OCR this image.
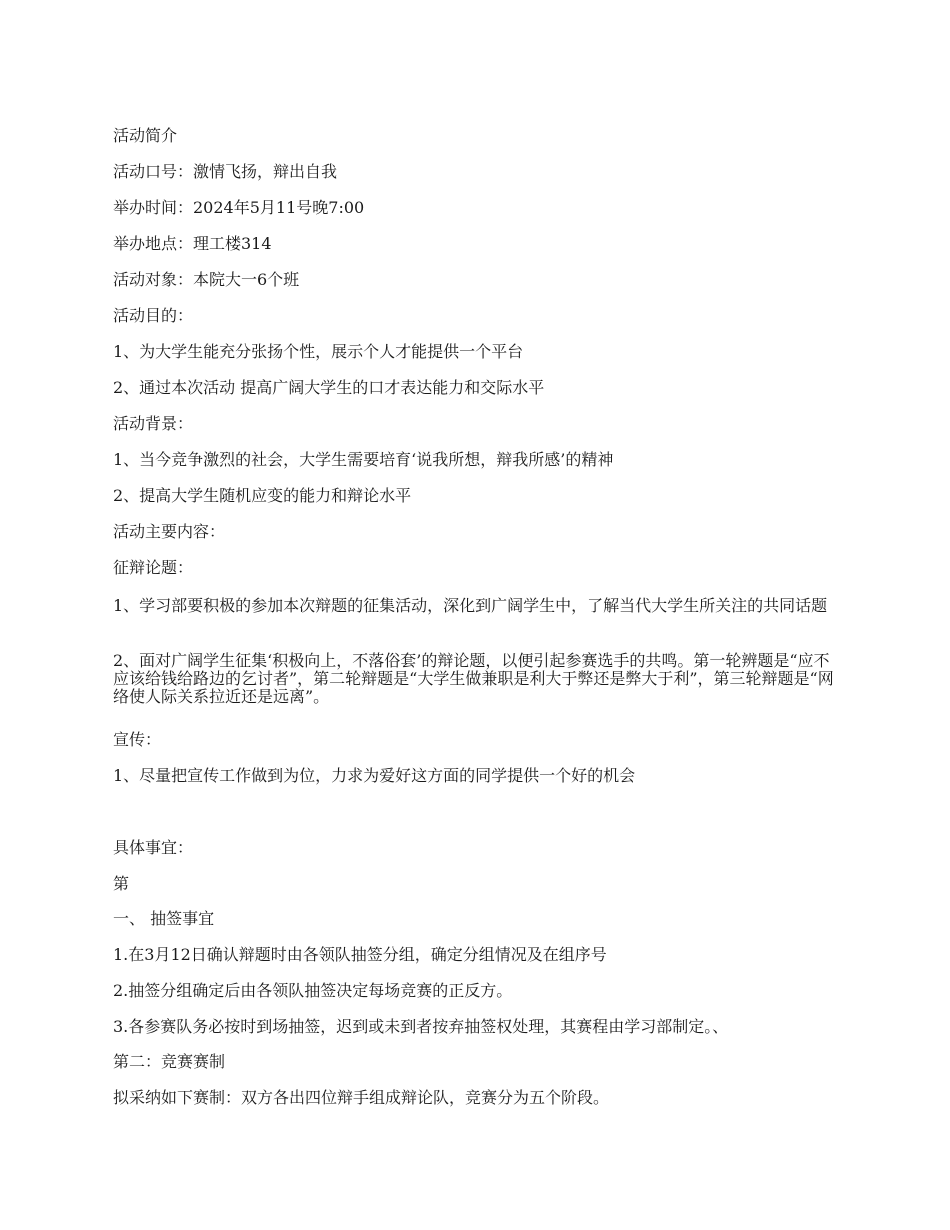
活动简介

活动口号：激情飞扬，辩出自我

举办时间：2024年5月11号晚7:00

举办地点：理工楼314

活动对象：本院大一6个班

活动目的：

1、为大学生能充分张扬个性，展示个人才能提供一个平台

2、通过本次活动 提高广阔大学生的口才表达能力和交际水平

活动背景：

1、当今竞争激烈的社会，大学生需要培育‘说我所想，辩我所感’的精神

2、提高大学生随机应变的能力和辩论水平

活动主要内容：

征辩论题：

1、学习部要积极的参加本次辩题的征集活动，深化到广阔学生中，了解当代大学生所关注的共同话题

2、面对广阔学生征集‘积极向上，不落俗套’的辩论题，以便引起参赛选手的共鸣。第一轮辨题是“应不应该给钱给路边的乞讨者”，第二轮辩题是“大学生做兼职是利大于弊还是弊大于利”，第三轮辩题是“网络使人际关系拉近还是远离”。

宣传：

1、尽量把宣传工作做到为位，力求为爱好这方面的同学提供一个好的机会

具体事宜：

第

一、 抽签事宜

1.在3月12日确认辩题时由各领队抽签分组，确定分组情况及在组序号

2.抽签分组确定后由各领队抽签决定每场竞赛的正反方。

3.各参赛队务必按时到场抽签，迟到或未到者按弃抽签权处理，其赛程由学习部制定。、

第二：竞赛赛制

拟采纳如下赛制：双方各出四位辩手组成辩论队，竞赛分为五个阶段。
